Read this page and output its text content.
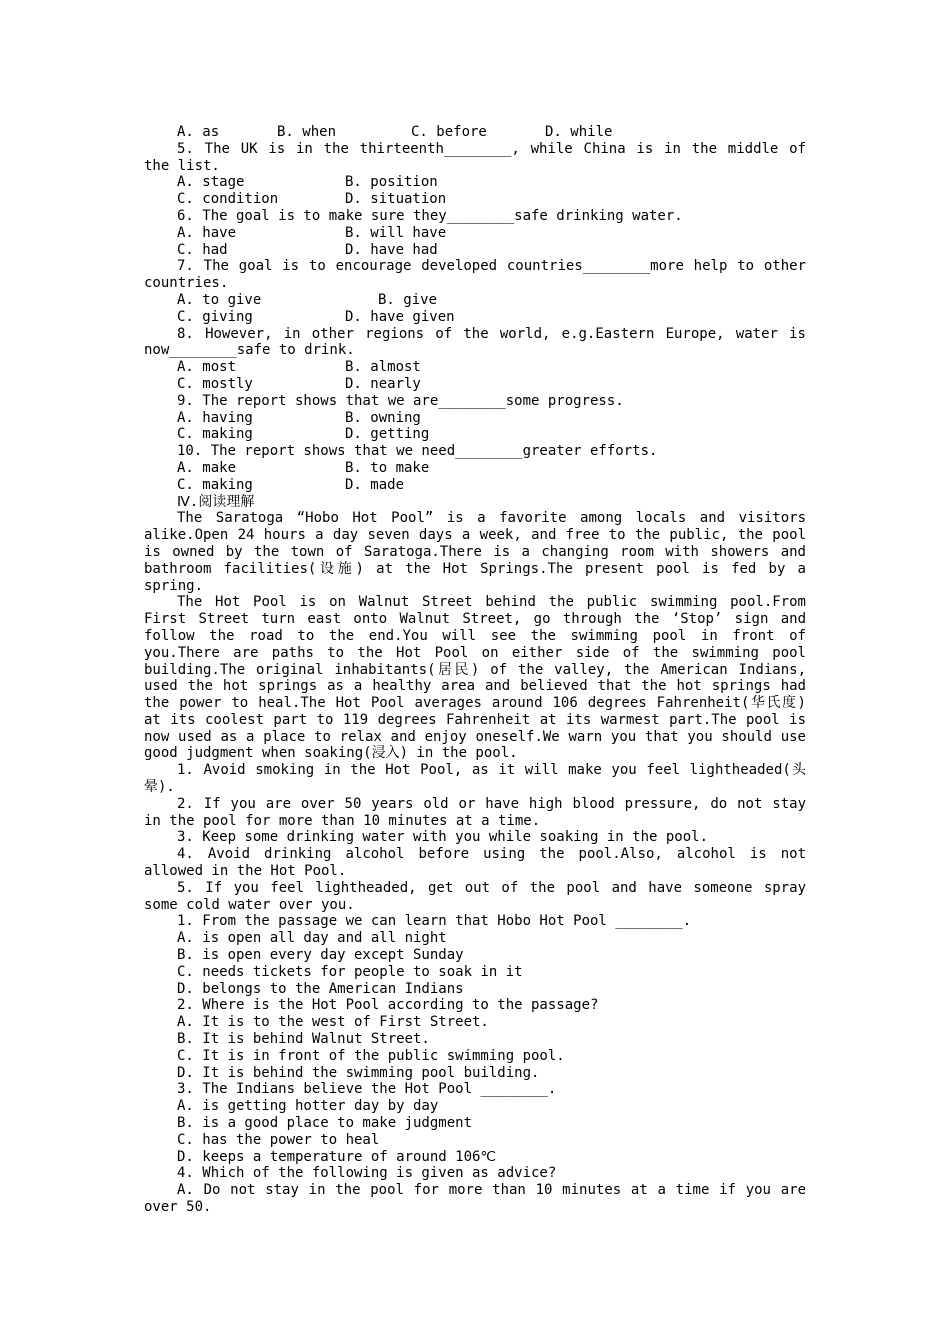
A. as	B. when	C. before	D. while
5. The UK is in the thirteenth________, while China is in the middle of the list.
A. stage	B. position
C. condition	D. situation
6. The goal is to make sure they________safe drinking water.
A. have	B. will have
C. had	D. have had
7. The goal is to encourage developed countries________more help to other countries.
A. to give	B. give
C. giving	D. have given
8. However, in other regions of the world, e.g.Eastern Europe, water is now________safe to drink.
A. most	B. almost
C. mostly	D. nearly
9. The report shows that we are________some progress.
A. having	B. owning
C. making	D. getting
10. The report shows that we need________greater efforts.
A. make	B. to make
C. making	D. made
Ⅳ.阅读理解
The Saratoga “Hobo Hot Pool” is a favorite among locals and visitors alike.Open 24 hours a day seven days a week, and free to the public, the pool is owned by the town of Saratoga.There is a changing room with showers and bathroom facilities(设施) at the Hot Springs.The present pool is fed by a spring.
The Hot Pool is on Walnut Street behind the public swimming pool.From First Street turn east onto Walnut Street, go through the ‘Stop’ sign and follow the road to the end.You will see the swimming pool in front of you.There are paths to the Hot Pool on either side of the swimming pool building.The original inhabitants(居民) of the valley, the American Indians, used the hot springs as a healthy area and believed that the hot springs had the power to heal.The Hot Pool averages around 106 degrees Fahrenheit(华氏度) at its coolest part to 119 degrees Fahrenheit at its warmest part.The pool is now used as a place to relax and enjoy oneself.We warn you that you should use good judgment when soaking(浸入) in the pool.
1. Avoid smoking in the Hot Pool, as it will make you feel lightheaded(头晕).
2. If you are over 50 years old or have high blood pressure, do not stay in the pool for more than 10 minutes at a time.
3. Keep some drinking water with you while soaking in the pool.
4. Avoid drinking alcohol before using the pool.Also, alcohol is not allowed in the Hot Pool.
5. If you feel lightheaded, get out of the pool and have someone spray some cold water over you.
1. From the passage we can learn that Hobo Hot Pool ________.
A. is open all day and all night
B. is open every day except Sunday
C. needs tickets for people to soak in it
D. belongs to the American Indians
2. Where is the Hot Pool according to the passage?
A. It is to the west of First Street.
B. It is behind Walnut Street.
C. It is in front of the public swimming pool.
D. It is behind the swimming pool building.
3. The Indians believe the Hot Pool ________.
A. is getting hotter day by day
B. is a good place to make judgment
C. has the power to heal
D. keeps a temperature of around 106℃
4. Which of the following is given as advice?
A. Do not stay in the pool for more than 10 minutes at a time if you are over 50.
